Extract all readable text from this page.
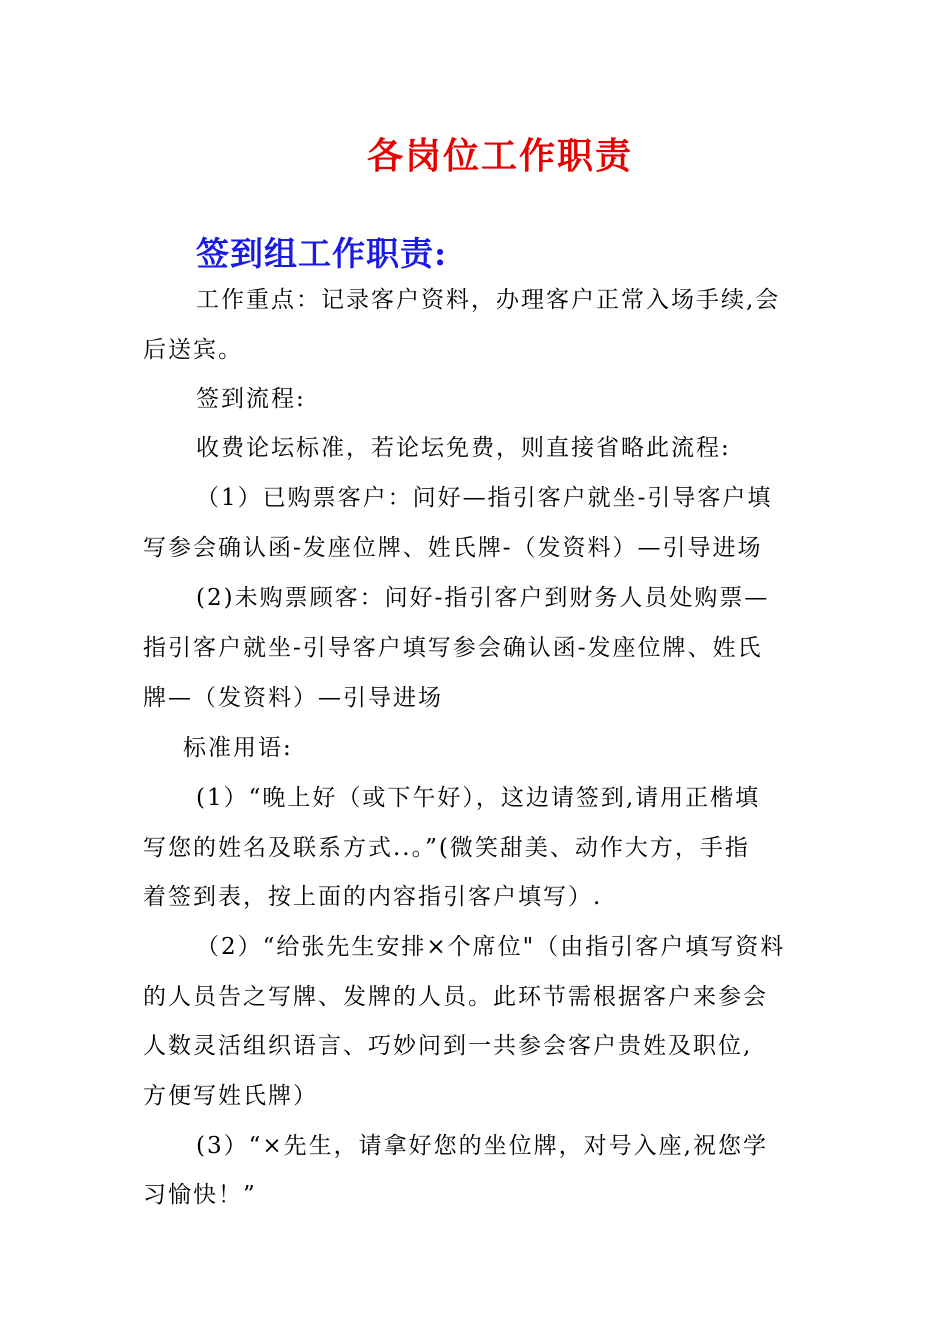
各岗位工作职责
签到组工作职责:

工作重点：记录客户资料，办理客户正常入场手续,会

后送宾。

签到流程:

收费论坛标准，若论坛免费，则直接省略此流程:

（1）已购票客户：问好—指引客户就坐-引导客户填

写参会确认函-发座位牌、姓氏牌-（发资料）—引导进场

(2)未购票顾客：问好-指引客户到财务人员处购票—

指引客户就坐-引导客户填写参会确认函-发座位牌、姓氏

牌—（发资料）—引导进场

标准用语:

(1）“晚上好（或下午好），这边请签到,请用正楷填

写您的姓名及联系方式..。”(微笑甜美、动作大方，手指

着签到表，按上面的内容指引客户填写）.

（2）“给张先生安排×个席位"（由指引客户填写资料

的人员告之写牌、发牌的人员。此环节需根据客户来参会

人数灵活组织语言、巧妙问到一共参会客户贵姓及职位,

方便写姓氏牌）

(3）“×先生，请拿好您的坐位牌，对号入座,祝您学

习愉快！”
